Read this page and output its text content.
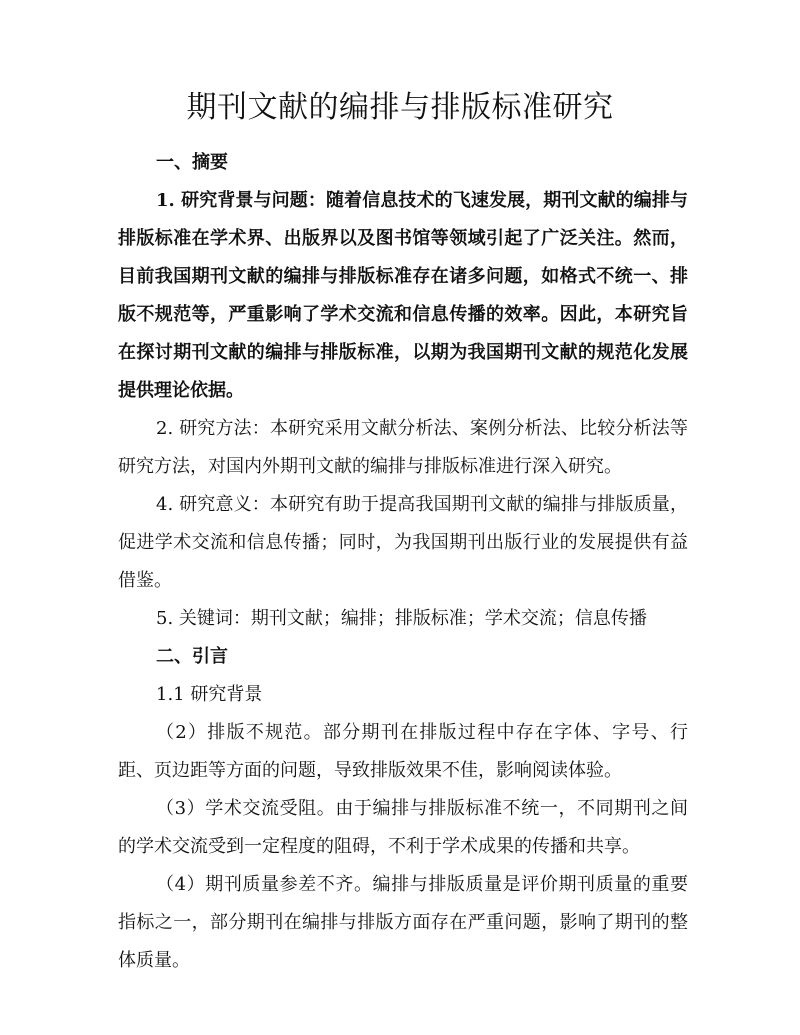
期刊文献的编排与排版标准研究

一、摘要

1. 研究背景与问题：随着信息技术的飞速发展，期刊文献的编排与排版标准在学术界、出版界以及图书馆等领域引起了广泛关注。然而，目前我国期刊文献的编排与排版标准存在诸多问题，如格式不统一、排版不规范等，严重影响了学术交流和信息传播的效率。因此，本研究旨在探讨期刊文献的编排与排版标准，以期为我国期刊文献的规范化发展提供理论依据。

2. 研究方法：本研究采用文献分析法、案例分析法、比较分析法等研究方法，对国内外期刊文献的编排与排版标准进行深入研究。

4. 研究意义：本研究有助于提高我国期刊文献的编排与排版质量，促进学术交流和信息传播；同时，为我国期刊出版行业的发展提供有益借鉴。

5. 关键词：期刊文献；编排；排版标准；学术交流；信息传播

二、引言

1.1 研究背景

（2）排版不规范。部分期刊在排版过程中存在字体、字号、行距、页边距等方面的问题，导致排版效果不佳，影响阅读体验。

（3）学术交流受阻。由于编排与排版标准不统一，不同期刊之间的学术交流受到一定程度的阻碍，不利于学术成果的传播和共享。

（4）期刊质量参差不齐。编排与排版质量是评价期刊质量的重要指标之一，部分期刊在编排与排版方面存在严重问题，影响了期刊的整体质量。
